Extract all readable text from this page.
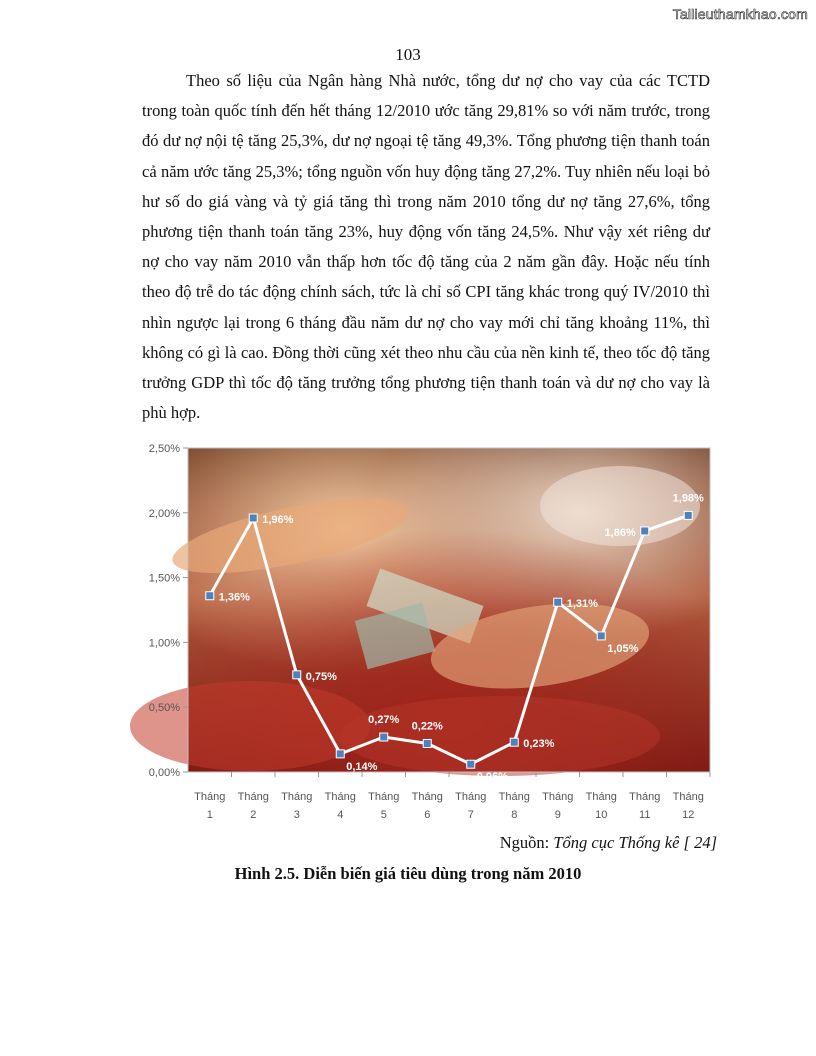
Tailieuthamkhao.com
103

Theo số liệu của Ngân hàng Nhà nước, tổng dư nợ cho vay của các TCTD trong toàn quốc tính đến hết tháng 12/2010 ước tăng 29,81% so với năm trước, trong đó dư nợ nội tệ tăng 25,3%, dư nợ ngoại tệ tăng 49,3%. Tổng phương tiện thanh toán cả năm ước tăng 25,3%; tổng nguồn vốn huy động tăng 27,2%. Tuy nhiên nếu loại bỏ hư số do giá vàng và tỷ giá tăng thì trong năm 2010 tổng dư nợ tăng 27,6%, tổng phương tiện thanh toán tăng 23%, huy động vốn tăng 24,5%. Như vậy xét riêng dư nợ cho vay năm 2010 vẫn thấp hơn tốc độ tăng của 2 năm gần đây. Hoặc nếu tính theo độ trễ do tác động chính sách, tức là chỉ số CPI tăng khác trong quý IV/2010 thì nhìn ngược lại trong 6 tháng đầu năm dư nợ cho vay mới chỉ tăng khoảng 11%, thì không có gì là cao. Đồng thời cũng xét theo nhu cầu của nền kinh tế, theo tốc độ tăng trưởng GDP thì tốc độ tăng trưởng tổng phương tiện thanh toán và dư nợ cho vay là phù hợp.

0,00%
0,50%
1,00%
1,50%
2,00%
2,50%
Tháng
1
Tháng
2
Tháng
3
Tháng
4
Tháng
5
Tháng
6
Tháng
7
Tháng
8
Tháng
9
Tháng
10
Tháng
11
Tháng
12
1,36%
1,96%
0,75%
0,14%
0,27%
0,22%
0,06%
0,23%
1,31%
1,05%
1,86%
1,98%
Nguồn: Tổng cục Thống kê [ 24]
Hình 2.5. Diễn biến giá tiêu dùng trong năm 2010
